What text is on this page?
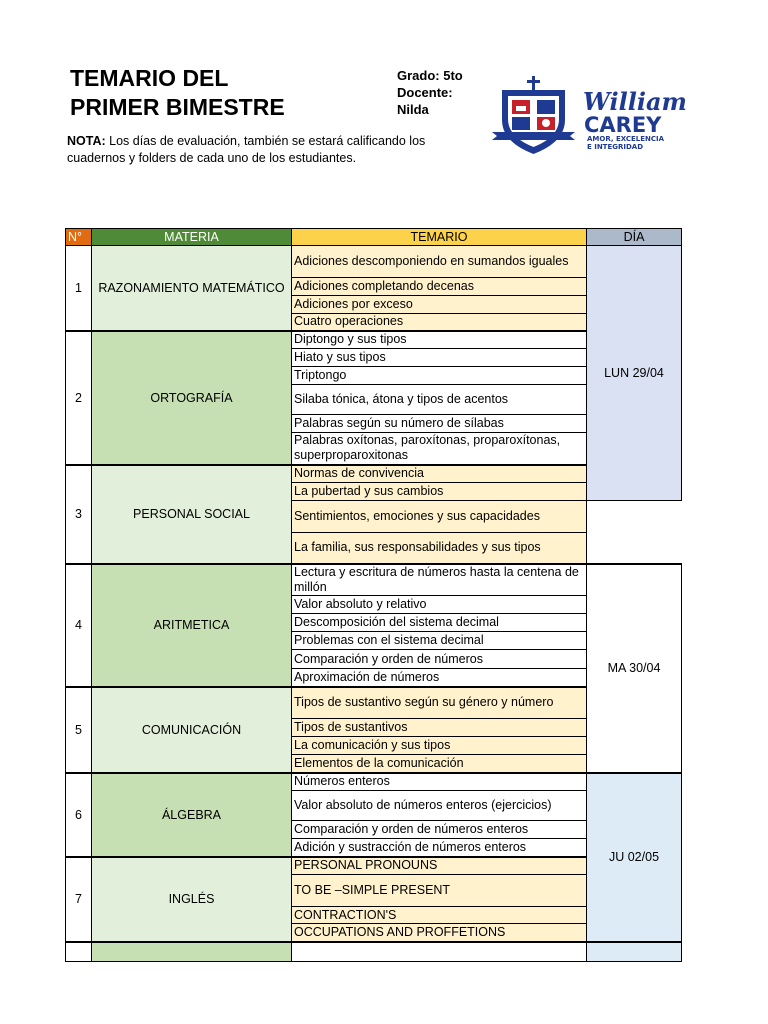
TEMARIO DEL
PRIMER BIMESTRE
Grado: 5to
Docente:
Nilda
NOTA: Los días de evaluación, también se estará calificando los cuadernos y folders de cada uno de los estudiantes.
William
CAREY
AMOR, EXCELENCIA
E INTEGRIDAD
N°	MATERIA	TEMARIO	DÍA
1	RAZONAMIENTO MATEMÁTICO	Adiciones descomponiendo en sumandos iguales	LUN 29/04
		Adiciones completando decenas	
		Adiciones por exceso	
		Cuatro operaciones	
2	ORTOGRAFÍA	Diptongo y sus tipos	
		Hiato y sus tipos	
		Triptongo	
		Silaba tónica, átona y tipos de acentos	
		Palabras según su número de sílabas	
		Palabras oxítonas, paroxítonas, proparoxítonas, superproparoxitonas	
3	PERSONAL SOCIAL	Normas de convivencia	
		La pubertad y sus cambios	
		Sentimientos, emociones y sus capacidades	
		La familia, sus responsabilidades y sus tipos	
4	ARITMETICA	Lectura y escritura de números hasta la centena de millón	MA 30/04
		Valor absoluto y relativo	
		Descomposición del sistema decimal	
		Problemas con el sistema decimal	
		Comparación y orden de números	
		Aproximación de números	
5	COMUNICACIÓN	Tipos de sustantivo según su género y número	
		Tipos de sustantivos	
		La comunicación y sus tipos	
		Elementos de la comunicación	
6	ÁLGEBRA	Números enteros	JU 02/05
		Valor absoluto de números enteros (ejercicios)	
		Comparación y orden de números enteros	
		Adición y sustracción de números enteros	
7	INGLÉS	PERSONAL PRONOUNS	
		TO BE –SIMPLE PRESENT	
		CONTRACTION'S	
		OCCUPATIONS AND PROFFETIONS	
